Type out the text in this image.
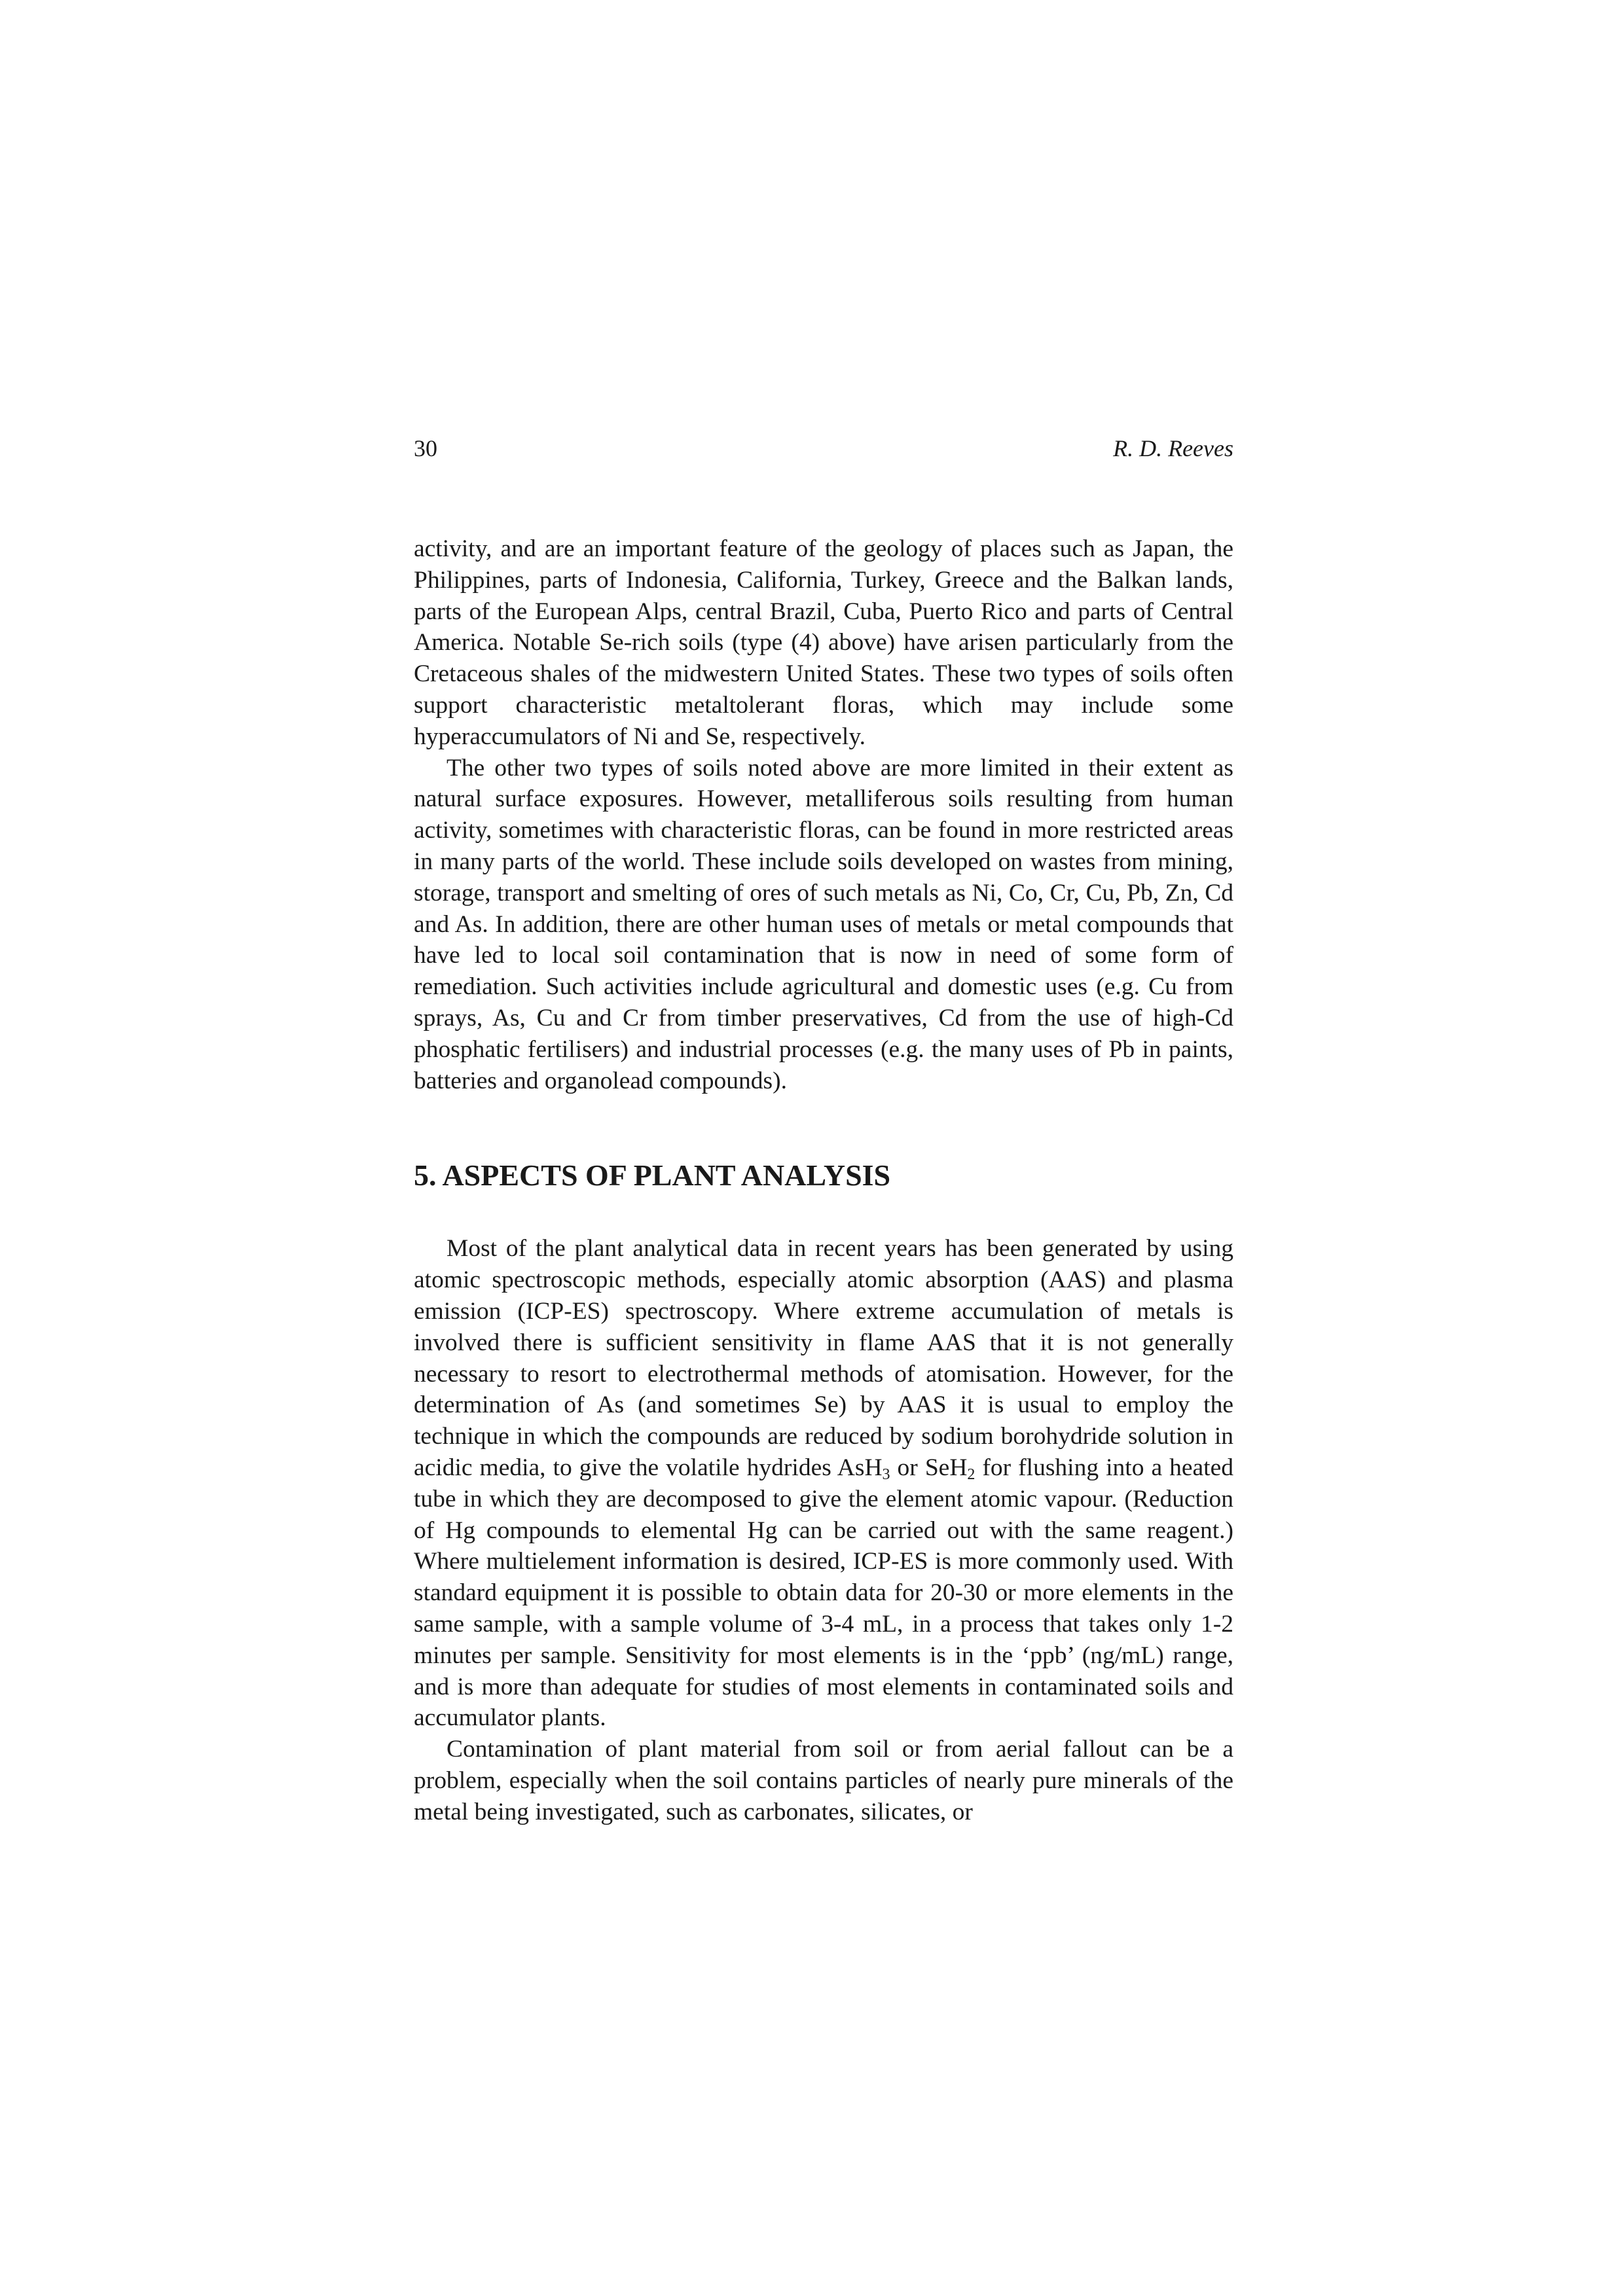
30	R. D. Reeves

activity, and are an important feature of the geology of places such as Japan, the Philippines, parts of Indonesia, California, Turkey, Greece and the Balkan lands, parts of the European Alps, central Brazil, Cuba, Puerto Rico and parts of Central America. Notable Se-rich soils (type (4) above) have arisen particularly from the Cretaceous shales of the midwestern United States. These two types of soils often support characteristic metaltolerant floras, which may include some hyperaccumulators of Ni and Se, respectively.

The other two types of soils noted above are more limited in their extent as natural surface exposures. However, metalliferous soils resulting from human activity, sometimes with characteristic floras, can be found in more restricted areas in many parts of the world. These include soils developed on wastes from mining, storage, transport and smelting of ores of such metals as Ni, Co, Cr, Cu, Pb, Zn, Cd and As. In addition, there are other human uses of metals or metal compounds that have led to local soil contamination that is now in need of some form of remediation. Such activities include agricultural and domestic uses (e.g. Cu from sprays, As, Cu and Cr from timber preservatives, Cd from the use of high-Cd phosphatic fertilisers) and industrial processes (e.g. the many uses of Pb in paints, batteries and organolead compounds).

5. ASPECTS OF PLANT ANALYSIS

Most of the plant analytical data in recent years has been generated by using atomic spectroscopic methods, especially atomic absorption (AAS) and plasma emission (ICP-ES) spectroscopy. Where extreme accumulation of metals is involved there is sufficient sensitivity in flame AAS that it is not generally necessary to resort to electrothermal methods of atomisation. However, for the determination of As (and sometimes Se) by AAS it is usual to employ the technique in which the compounds are reduced by sodium borohydride solution in acidic media, to give the volatile hydrides AsH$_3$ or SeH$_2$ for flushing into a heated tube in which they are decomposed to give the element atomic vapour. (Reduction of Hg compounds to elemental Hg can be carried out with the same reagent.) Where multielement information is desired, ICP-ES is more commonly used. With standard equipment it is possible to obtain data for 20-30 or more elements in the same sample, with a sample volume of 3-4 mL, in a process that takes only 1-2 minutes per sample. Sensitivity for most elements is in the ‘ppb’ (ng/mL) range, and is more than adequate for studies of most elements in contaminated soils and accumulator plants.

Contamination of plant material from soil or from aerial fallout can be a problem, especially when the soil contains particles of nearly pure minerals of the metal being investigated, such as carbonates, silicates, or
